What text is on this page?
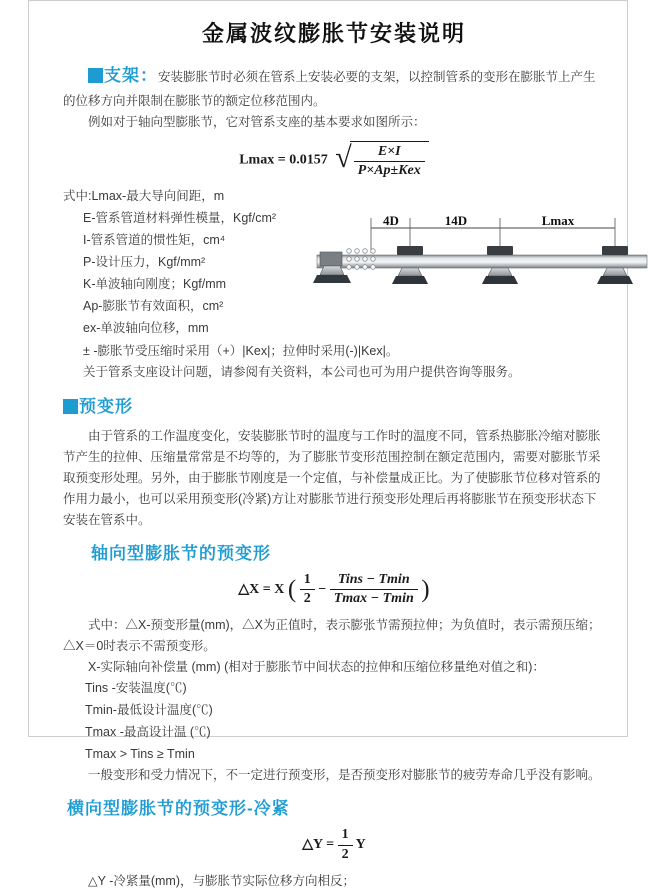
金属波纹膨胀节安装说明

支架：安装膨胀节时必须在管系上安装必要的支架，以控制管系的变形在膨胀节上产生的位移方向并限制在膨胀节的额定位移范围内。

例如对于轴向型膨胀节，它对管系支座的基本要求如图所示：

Lmax = 0.0157 √ $\frac{E\times I}{\text{P×Ap±Kex}}$
式中:Lmax-最大导向间距，m
E-管系管道材料弹性模量，Kgf/cm²
I-管系管道的惯性矩，cm⁴
P-设计压力，Kgf/mm²
K-单波轴向刚度；Kgf/mm
Ap-膨胀节有效面积，cm²
ex-单波轴向位移，mm
4D	14D	Lmax

± -膨胀节受压缩时采用（+）|Kex|；拉伸时采用(-)|Kex|。

关于管系支座设计问题，请参阅有关资料，本公司也可为用户提供咨询等服务。

预变形

由于管系的工作温度变化，安装膨胀节时的温度与工作时的温度不同，管系热膨胀冷缩对膨胀节产生的拉伸、压缩量常常是不均等的，为了膨胀节变形范围控制在额定范围内，需要对膨胀节采取预变形处理。另外，由于膨胀节刚度是一个定值，与补偿量成正比。为了使膨胀节位移对管系的作用力最小，也可以采用预变形(冷紧)方让对膨胀节进行预变形处理后再将膨胀节在预变形状态下安装在管系中。

轴向型膨胀节的预变形
△X = X ( $\frac{1}{2} - \frac{\text{Tins − Tmin}}{Tmax - Tmin}$ )

式中：△X-预变形量(mm)，△X为正值时，表示膨张节需预拉伸；为负值时，表示需预压缩；△X＝0时表示不需预变形。

X-实际轴向补偿量 (mm) (相对于膨胀节中间状态的拉伸和压缩位移量绝对值之和)：

Tins -安装温度(℃)
Tmin-最低设计温度(℃)
Tmax -最高设计温 (℃)
Tmax > Tins ≥ Tmin

一般变形和受力情况下，不一定进行预变形，是否预变形对膨胀节的疲劳寿命几乎没有影响。

横向型膨胀节的预变形-冷紧
△Y = $\frac{1}{2}$ Y

△Y -冷紧量(mm)，与膨胀节实际位移方向相反；
